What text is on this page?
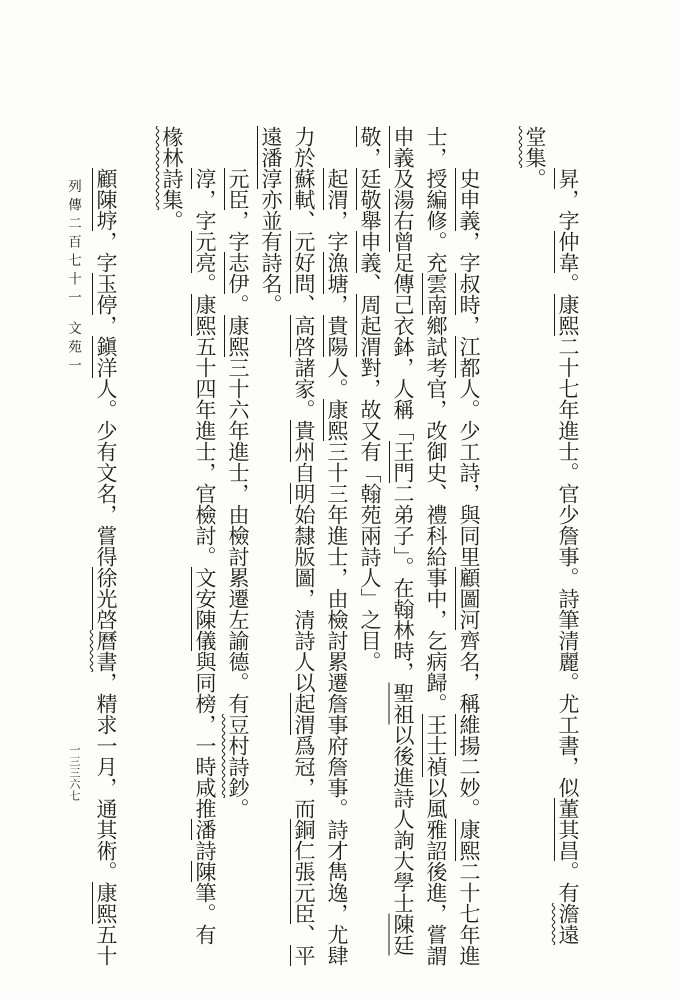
昇，字仲韋。康熙二十七年進士。官少詹事。詩筆清麗。尤工書，似董其昌。有澹遠
堂集。
史申義，字叔時，江都人。少工詩，與同里顧圖河齊名，稱維揚二妙。康熙二十七年進
士，授編修。充雲南鄉試考官，改御史、禮科給事中，乞病歸。王士禎以風雅詔後進，嘗謂
申義及湯右曾足傳己衣鉢，人稱「王門二弟子」。在翰林時，聖祖以後進詩人詢大學士陳廷
敬，廷敬舉申義、周起渭對，故又有「翰苑兩詩人」之目。
起渭，字漁塘，貴陽人。康熙三十三年進士，由檢討累遷詹事府詹事。詩才雋逸，尤肆
力於蘇軾、元好問、高啓諸家。貴州自明始隸版圖，清詩人以起渭爲冠，而銅仁張元臣、平
遠潘淳亦並有詩名。
元臣，字志伊。康熙三十六年進士，由檢討累遷左諭德。有豆村詩鈔。
淳，字元亮。康熙五十四年進士，官檢討。文安陳儀與同榜，一時咸推潘詩陳筆。有
椽林詩集。
顧陳垿，字玉停，鎭洋人。少有文名，嘗得徐光啓曆書，精求一月，通其術。康熙五十
列傳二百七十一文苑一
一三三六七
